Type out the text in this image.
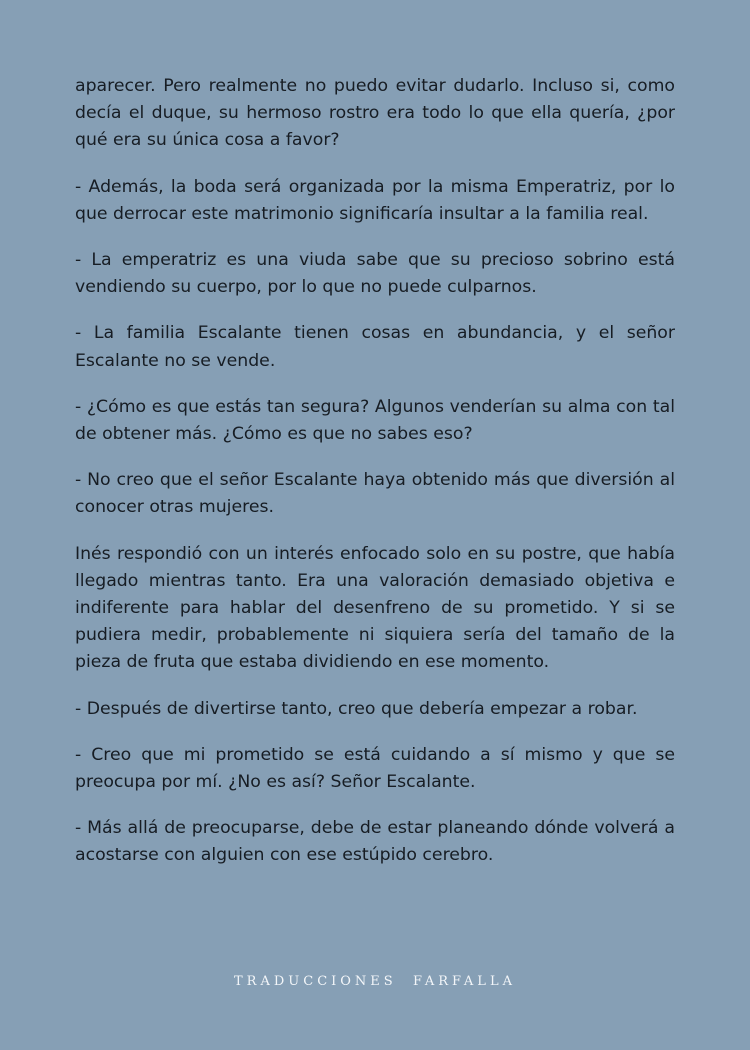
aparecer. Pero realmente no puedo evitar dudarlo. Incluso si, como decía el duque, su hermoso rostro era todo lo que ella quería, ¿por qué era su única cosa a favor?

- Además, la boda será organizada por la misma Emperatriz, por lo que derrocar este matrimonio significaría insultar a la familia real.

- La emperatriz es una viuda sabe que su precioso sobrino está vendiendo su cuerpo, por lo que no puede culparnos.

- La familia Escalante tienen cosas en abundancia, y el señor Escalante no se vende.

- ¿Cómo es que estás tan segura? Algunos venderían su alma con tal de obtener más. ¿Cómo es que no sabes eso?

- No creo que el señor Escalante haya obtenido más que diversión al conocer otras mujeres.

Inés respondió con un interés enfocado solo en su postre, que había llegado mientras tanto. Era una valoración demasiado objetiva e indiferente para hablar del desenfreno de su prometido. Y si se pudiera medir, probablemente ni siquiera sería del tamaño de la pieza de fruta que estaba dividiendo en ese momento.

- Después de divertirse tanto, creo que debería empezar a robar.

- Creo que mi prometido se está cuidando a sí mismo y que se preocupa por mí. ¿No es así? Señor Escalante.

- Más allá de preocuparse, debe de estar planeando dónde volverá a acostarse con alguien con ese estúpido cerebro.

TRADUCCIONES  FARFALLA
